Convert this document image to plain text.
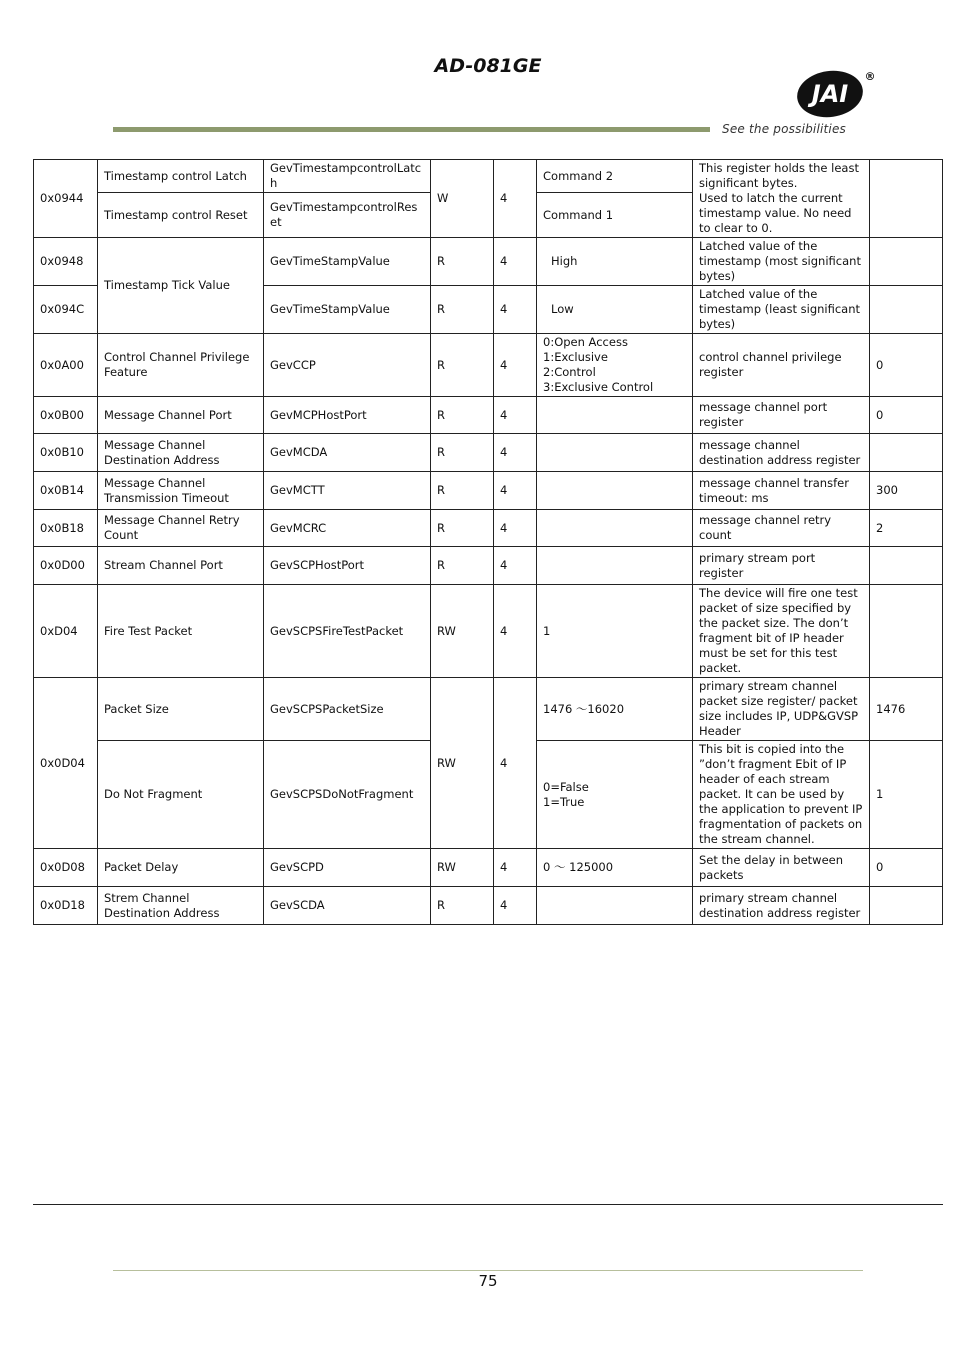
AD-081GE
JAI
®
See the possibilities
0x0944	Timestamp control Latch	GevTimestampcontrolLatch	W	4	Command 2	This register holds the least significant bytes.
Used to latch the current timestamp value. No need to clear to 0.	
	Timestamp control Reset	GevTimestampcontrolReset			Command 1		
0x0948	Timestamp Tick Value	GevTimeStampValue	R	4	High	Latched value of the timestamp (most significant bytes)	
0x094C		GevTimeStampValue	R	4	Low	Latched value of the timestamp (least significant bytes)	
0x0A00	Control Channel Privilege Feature	GevCCP	R	4	0:Open Access
1:Exclusive
2:Control
3:Exclusive Control	control channel privilege register	0
0x0B00	Message Channel Port	GevMCPHostPort	R	4		message channel port register	0
0x0B10	Message Channel Destination Address	GevMCDA	R	4		message channel destination address register	
0x0B14	Message Channel Transmission Timeout	GevMCTT	R	4		message channel transfer timeout: ms	300
0x0B18	Message Channel Retry Count	GevMCRC	R	4		message channel retry count	2
0x0D00	Stream Channel Port	GevSCPHostPort	R	4		primary stream port register	
0xD04	Fire Test Packet	GevSCPSFireTestPacket	RW	4	1	The device will fire one test packet of size specified by the packet size. The don’t fragment bit of IP header must be set for this test packet.	
0x0D04	Packet Size	GevSCPSPacketSize	RW	4	1476 ～16020	primary stream channel packet size register/ packet size includes IP, UDP&GVSP Header	1476
	Do Not Fragment	GevSCPSDoNotFragment			0=False
1=True	This bit is copied into the ”don’t fragment Ebit of IP header of each stream packet. It can be used by the application to prevent IP fragmentation of packets on the stream channel.	1
0x0D08	Packet Delay	GevSCPD	RW	4	0 ～ 125000	Set the delay in between packets	0
0x0D18	Strem Channel Destination Address	GevSCDA	R	4		primary stream channel destination address register	
75
